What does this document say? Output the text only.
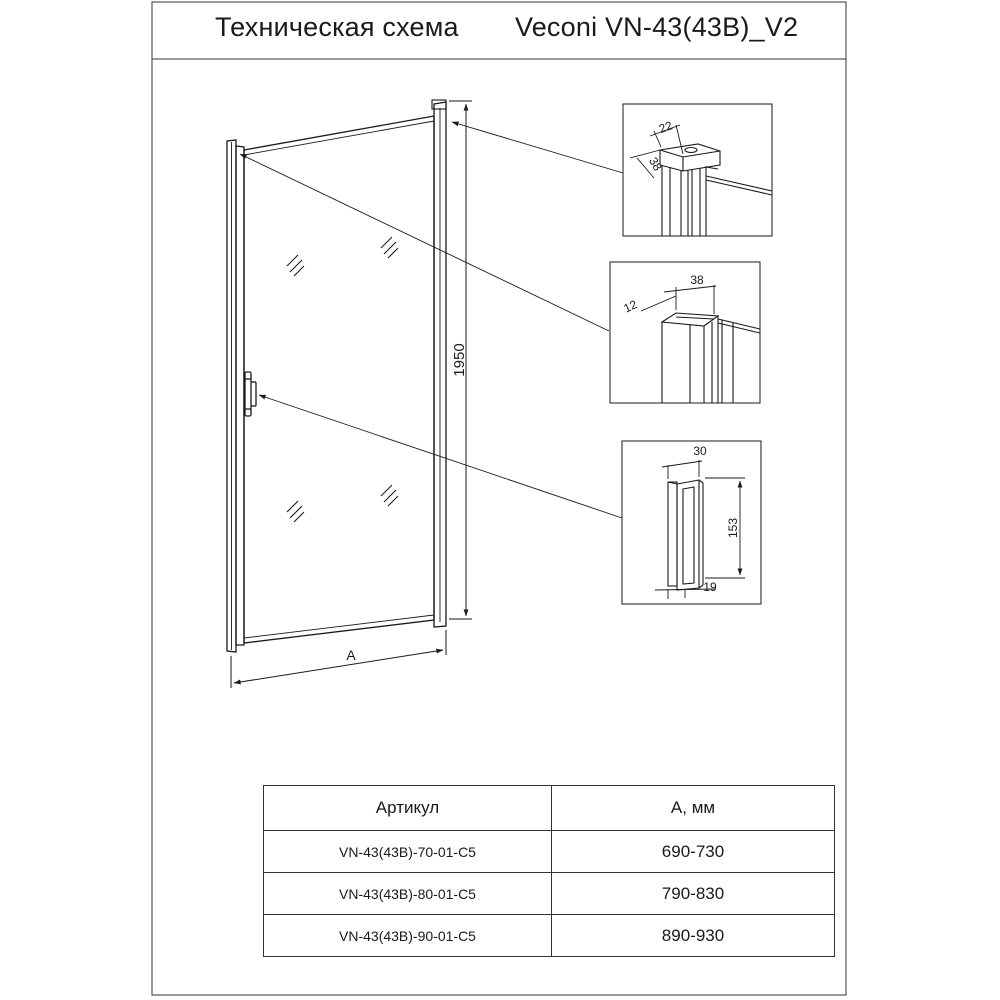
Техническая схема Veconi VN-43(43B)_V2
1950
A
22
38
38
12
30
153
19
Артикул	A, мм
VN-43(43B)-70-01-C5	690-730
VN-43(43B)-80-01-C5	790-830
VN-43(43B)-90-01-C5	890-930
